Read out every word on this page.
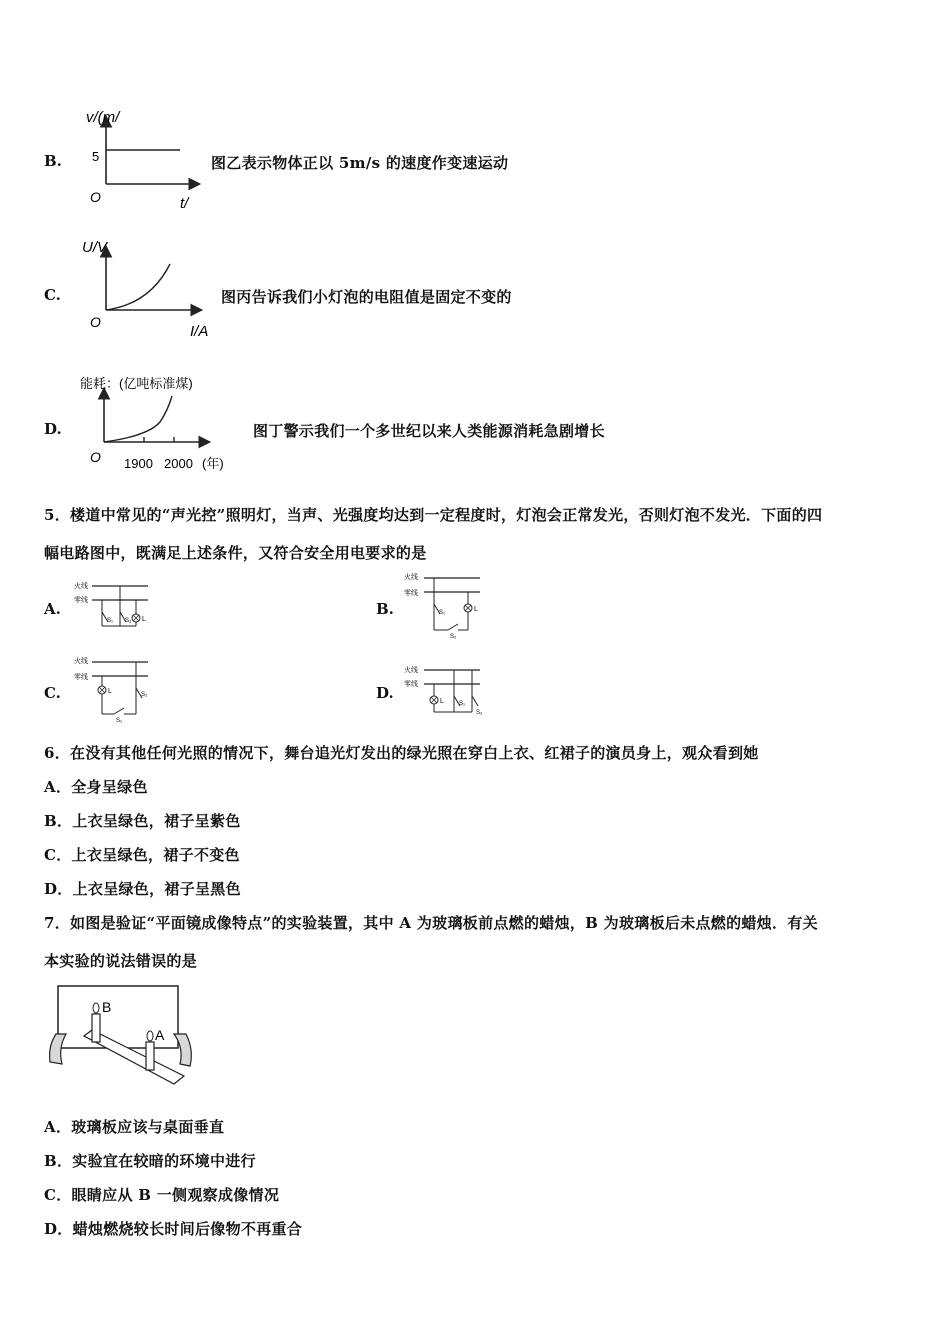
B.
v/(m/
5
O	t/
图乙表示物体正以 5m/s 的速度作变速运动
C.
U/V
O
I/A
图丙告诉我们小灯泡的电阻值是固定不变的
D.
能耗：(亿吨标准煤)
O 1900 2000 (年)
图丁警示我们一个多世纪以来人类能源消耗急剧增长
5．楼道中常见的“声光控”照明灯，当声、光强度均达到一定程度时，灯泡会正常发光，否则灯泡不发光．下面的四
幅电路图中，既满足上述条件，又符合安全用电要求的是
A.
火线
零线
S₁ S₂ L
B.
火线
零线
S₁	L
S₂
C.
火线
零线
L	S₂
S₁
D.
火线
零线
L	S₁
S₂
6．在没有其他任何光照的情况下，舞台追光灯发出的绿光照在穿白上衣、红裙子的演员身上，观众看到她
A．全身呈绿色
B．上衣呈绿色，裙子呈紫色
C．上衣呈绿色，裙子不变色
D．上衣呈绿色，裙子呈黑色
7．如图是验证“平面镜成像特点”的实验装置，其中 A 为玻璃板前点燃的蜡烛，B 为玻璃板后未点燃的蜡烛．有关
本实验的说法错误的是
B
A
A．玻璃板应该与桌面垂直
B．实验宜在较暗的环境中进行
C．眼睛应从 B 一侧观察成像情况
D．蜡烛燃烧较长时间后像物不再重合
